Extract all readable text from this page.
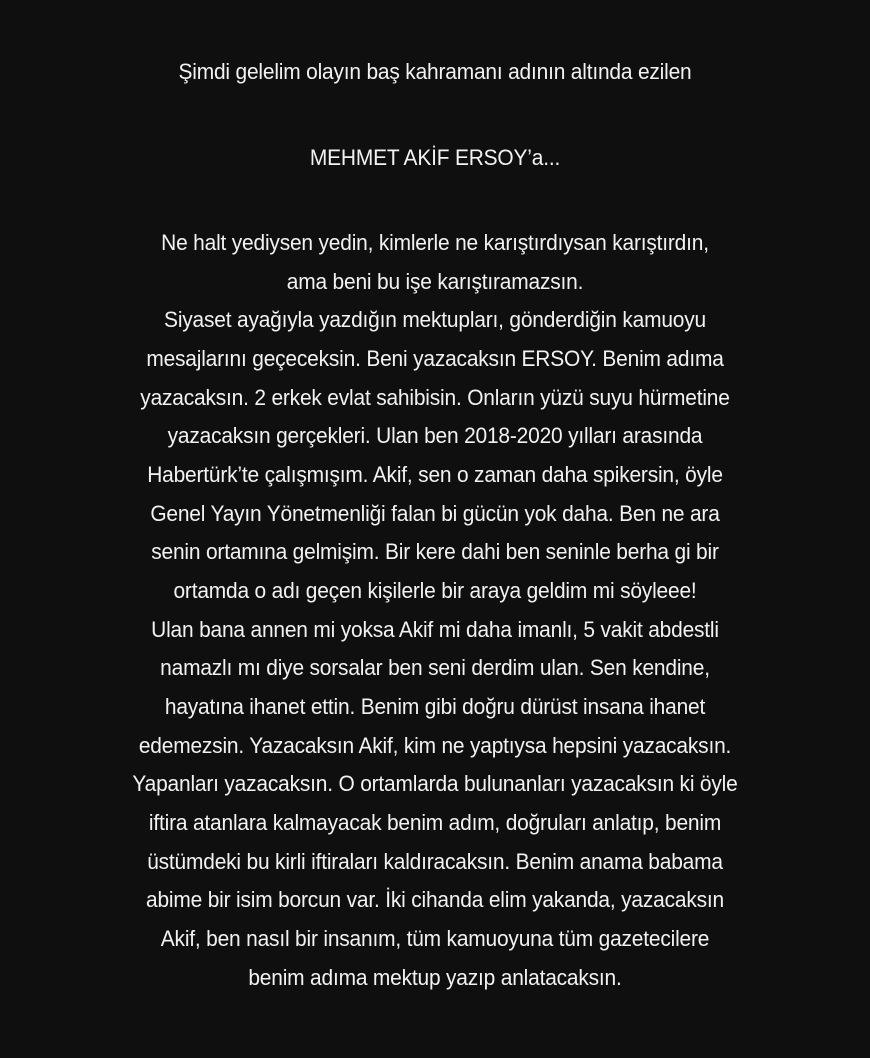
Şimdi gelelim olayın baş kahramanı adının altında ezilen
MEHMET AKİF ERSOY’a...
Ne halt yediysen yedin, kimlerle ne karıştırdıysan karıştırdın,
ama beni bu işe karıştıramazsın.
Siyaset ayağıyla yazdığın mektupları, gönderdiğin kamuoyu
mesajlarını geçeceksin. Beni yazacaksın ERSOY. Benim adıma
yazacaksın. 2 erkek evlat sahibisin. Onların yüzü suyu hürmetine
yazacaksın gerçekleri. Ulan ben 2018-2020 yılları arasında
Habertürk’te çalışmışım. Akif, sen o zaman daha spikersin, öyle
Genel Yayın Yönetmenliği falan bi gücün yok daha. Ben ne ara
senin ortamına gelmişim. Bir kere dahi ben seninle berha gi bir
ortamda o adı geçen kişilerle bir araya geldim mi söyleee!
Ulan bana annen mi yoksa Akif mi daha imanlı, 5 vakit abdestli
namazlı mı diye sorsalar ben seni derdim ulan. Sen kendine,
hayatına ihanet ettin. Benim gibi doğru dürüst insana ihanet
edemezsin. Yazacaksın Akif, kim ne yaptıysa hepsini yazacaksın.
Yapanları yazacaksın. O ortamlarda bulunanları yazacaksın ki öyle
iftira atanlara kalmayacak benim adım, doğruları anlatıp, benim
üstümdeki bu kirli iftiraları kaldıracaksın. Benim anama babama
abime bir isim borcun var. İki cihanda elim yakanda, yazacaksın
Akif, ben nasıl bir insanım, tüm kamuoyuna tüm gazetecilere
benim adıma mektup yazıp anlatacaksın.
